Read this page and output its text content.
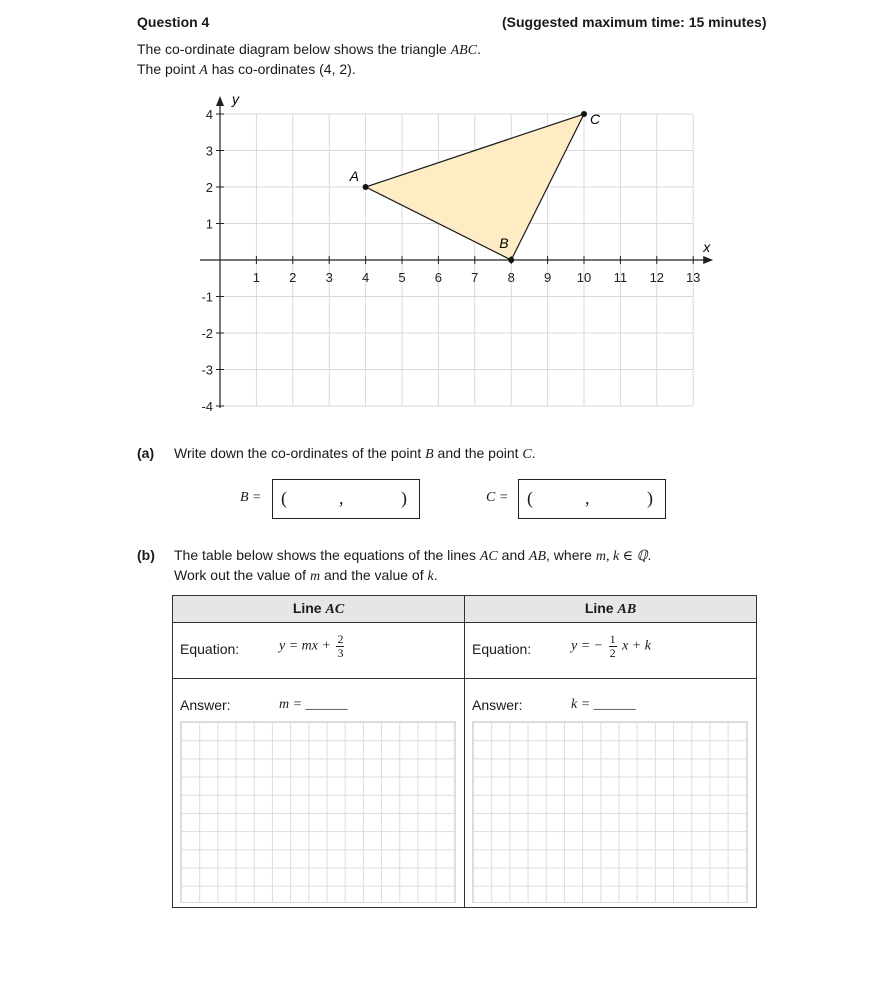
Question 4	(Suggested maximum time: 15 minutes)
The co-ordinate diagram below shows the triangle ABC.
The point A has co-ordinates (4, 2).
x
y
1 2 3 4 5 6 7 8 9 10 11 12 13
-4
-3
-2
-1
1
2
3
4
A
B
C
(a) Write down the co-ordinates of the point B and the point C.
B = (	,	)	C = (	,	)
(b) The table below shows the equations of the lines AC and AB, where m, k ∈ ℚ.
Work out the value of m and the value of k.
Line AC	Line AB

Equation: y = mx + $\frac{2}{3}$	Equation: y = − $\frac{1}{2}$ x + k

Answer: m = ______	Answer: k = ______
